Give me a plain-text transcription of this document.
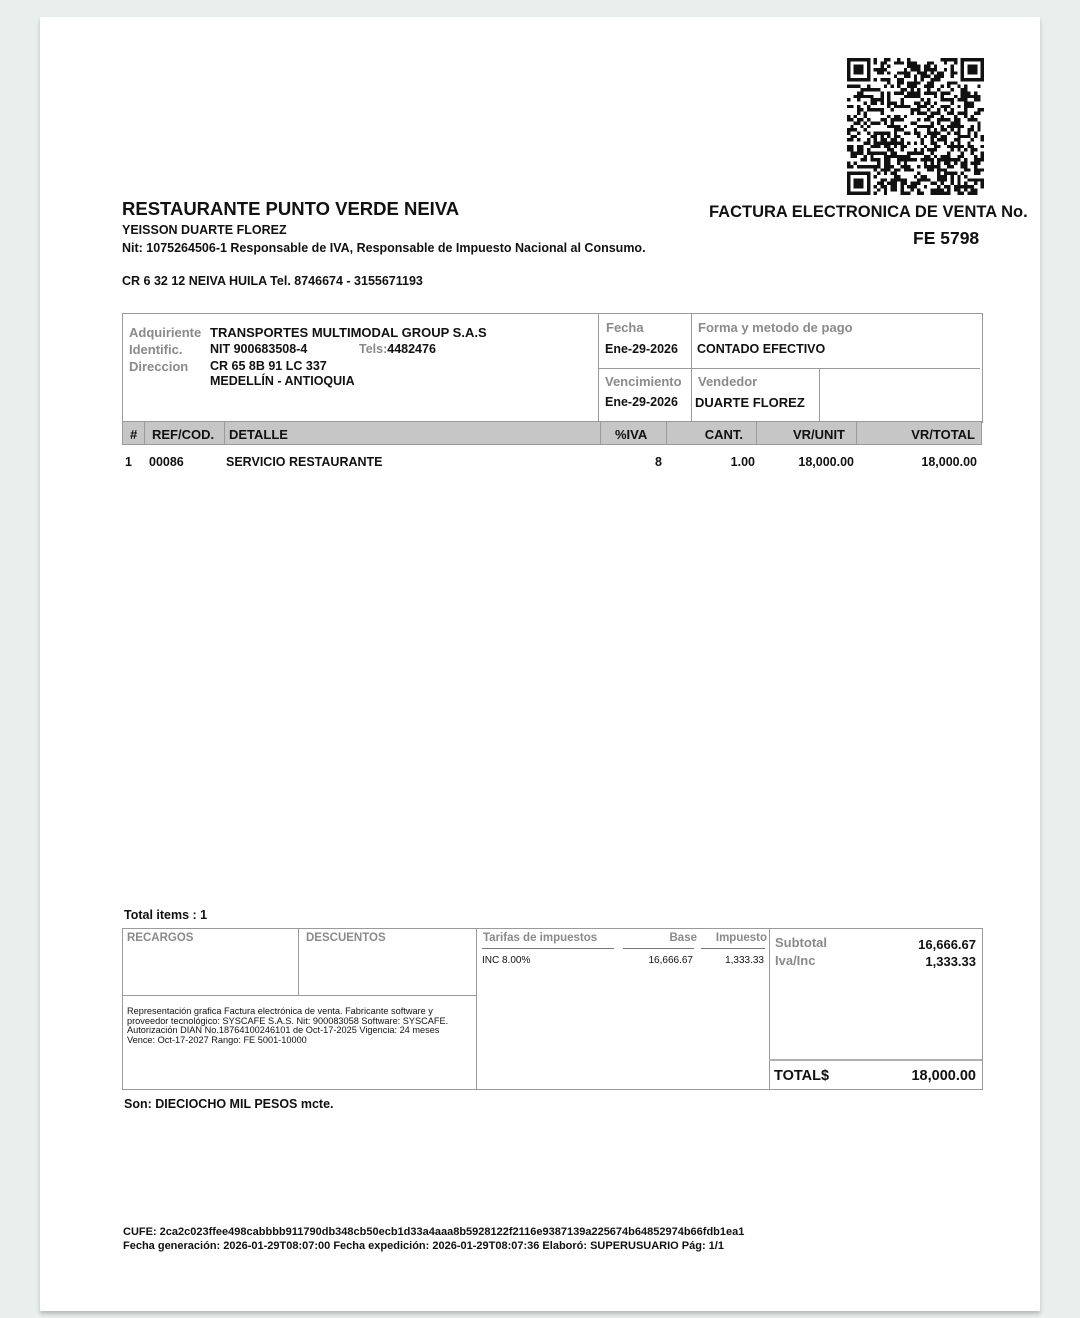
RESTAURANTE PUNTO VERDE NEIVA
YEISSON DUARTE FLOREZ
Nit: 1075264506-1 Responsable de IVA, Responsable de Impuesto Nacional al Consumo.
CR 6 32 12 NEIVA HUILA Tel. 8746674 - 3155671193
FACTURA ELECTRONICA DE VENTA No.
FE 5798
Adquiriente TRANSPORTES MULTIMODAL GROUP S.A.S
Identific. NIT 900683508-4	Tels:4482476
Direccion CR 65 8B 91 LC 337
MEDELLÍN - ANTIOQUIA
Fecha
Ene-29-2026
Forma y metodo de pago
CONTADO EFECTIVO
Vencimiento
Ene-29-2026
Vendedor
DUARTE FLOREZ
# REF/COD. DETALLE	%IVA	CANT.	VR/UNIT	VR/TOTAL
1 00086	SERVICIO RESTAURANTE	8	1.00	18,000.00	18,000.00
Total items : 1
RECARGOS	DESCUENTOS
Representación grafica Factura electrónica de venta. Fabricante software y
proveedor tecnológico: SYSCAFE S.A.S. Nit: 900083058 Software: SYSCAFE.
Autorización DIAN No.18764100246101 de Oct-17-2025 Vigencia: 24 meses
Vence: Oct-17-2027 Rango: FE 5001-10000
Tarifas de impuestos	Base Impuesto
INC 8.00%	16,666.67	1,333.33
Subtotal	16,666.67
Iva/Inc	1,333.33
TOTAL$	18,000.00
Son: DIECIOCHO MIL PESOS mcte.
CUFE: 2ca2c023ffee498cabbbb911790db348cb50ecb1d33a4aaa8b5928122f2116e9387139a225674b64852974b66fdb1ea1
Fecha generación: 2026-01-29T08:07:00 Fecha expedición: 2026-01-29T08:07:36 Elaboró: SUPERUSUARIO Pág: 1/1
